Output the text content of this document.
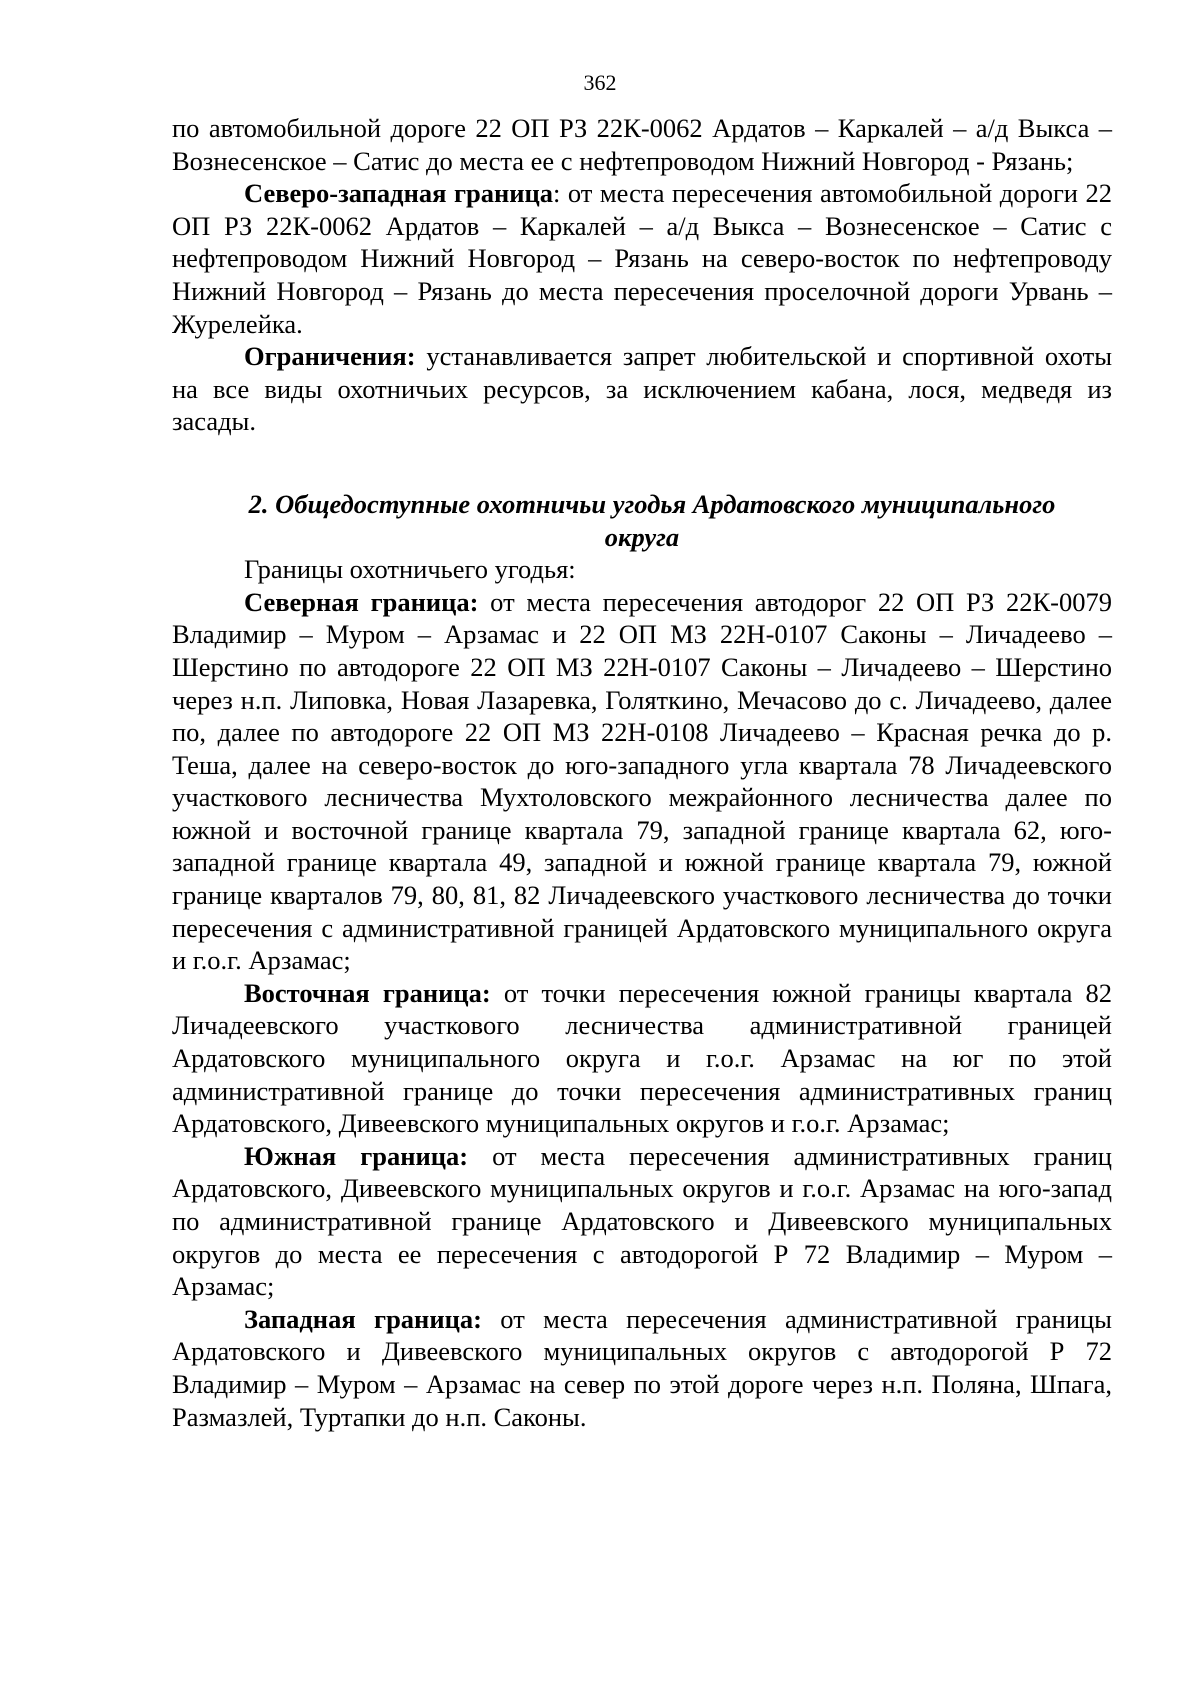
362

по автомобильной дороге 22 ОП РЗ 22К-0062 Ардатов – Каркалей – а/д Выкса – Вознесенское – Сатис до места ее с нефтепроводом Нижний Новгород - Рязань;

Северо-западная граница: от места пересечения автомобильной дороги 22 ОП РЗ 22К-0062 Ардатов – Каркалей – а/д Выкса – Вознесенское – Сатис с нефтепроводом Нижний Новгород – Рязань на северо-восток по нефтепроводу Нижний Новгород – Рязань до места пересечения проселочной дороги Урвань – Журелейка.

Ограничения: устанавливается запрет любительской и спортивной охоты на все виды охотничьих ресурсов, за исключением кабана, лося, медведя из засады.

2. Общедоступные охотничьи угодья Ардатовского муниципального
округа

Границы охотничьего угодья:

Северная граница: от места пересечения автодорог 22 ОП РЗ 22К-0079 Владимир – Муром – Арзамас и 22 ОП МЗ 22Н-0107 Саконы – Личадеево – Шерстино по автодороге 22 ОП МЗ 22Н-0107 Саконы – Личадеево – Шерстино через н.п. Липовка, Новая Лазаревка, Голяткино, Мечасово до с. Личадеево, далее по, далее по автодороге 22 ОП МЗ 22Н-0108 Личадеево – Красная речка до р. Теша, далее на северо-восток до юго-западного угла квартала 78 Личадеевского участкового лесничества Мухтоловского межрайонного лесничества далее по южной и восточной границе квартала 79, западной границе квартала 62, юго-западной границе квартала 49, западной и южной границе квартала 79, южной границе кварталов 79, 80, 81, 82 Личадеевского участкового лесничества до точки пересечения с административной границей Ардатовского муниципального округа и г.о.г. Арзамас;

Восточная граница: от точки пересечения южной границы квартала 82 Личадеевского участкового лесничества административной границей Ардатовского муниципального округа и г.о.г. Арзамас на юг по этой административной границе до точки пересечения административных границ Ардатовского, Дивеевского муниципальных округов и г.о.г. Арзамас;

Южная граница: от места пересечения административных границ Ардатовского, Дивеевского муниципальных округов и г.о.г. Арзамас на юго-запад по административной границе Ардатовского и Дивеевского муниципальных округов до места ее пересечения с автодорогой Р 72 Владимир – Муром – Арзамас;

Западная граница: от места пересечения административной границы Ардатовского и Дивеевского муниципальных округов с автодорогой Р 72 Владимир – Муром – Арзамас на север по этой дороге через н.п. Поляна, Шпага, Размазлей, Туртапки до н.п. Саконы.
